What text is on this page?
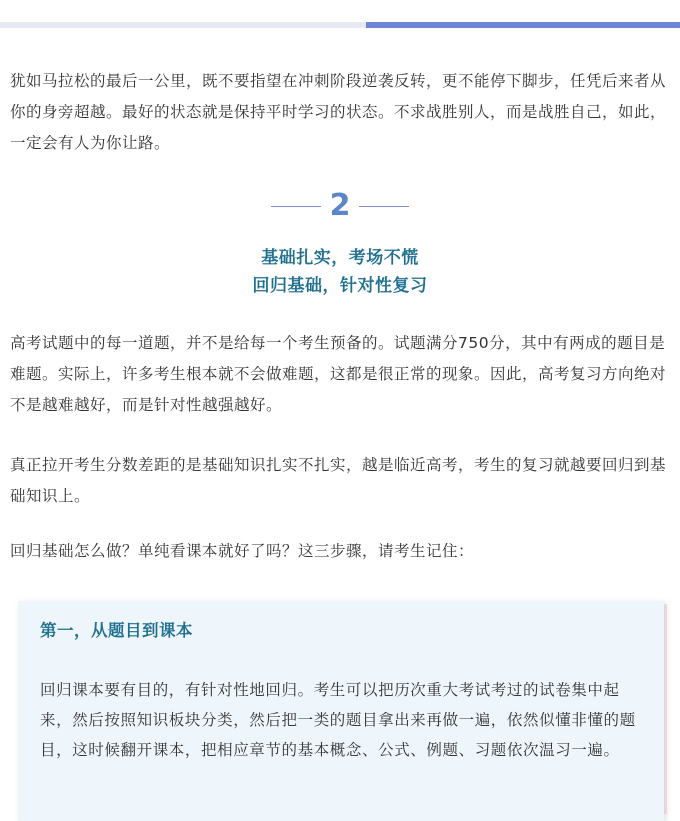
犹如马拉松的最后一公里，既不要指望在冲刺阶段逆袭反转，更不能停下脚步，任凭后来者从你的身旁超越。最好的状态就是保持平时学习的状态。不求战胜别人，而是战胜自己，如此，一定会有人为你让路。

2

基础扎实，考场不慌

回归基础，针对性复习

高考试题中的每一道题，并不是给每一个考生预备的。试题满分750分，其中有两成的题目是难题。实际上，许多考生根本就不会做难题，这都是很正常的现象。因此，高考复习方向绝对不是越难越好，而是针对性越强越好。

真正拉开考生分数差距的是基础知识扎实不扎实，越是临近高考，考生的复习就越要回归到基础知识上。

回归基础怎么做？单纯看课本就好了吗？这三步骤，请考生记住：

第一，从题目到课本

回归课本要有目的，有针对性地回归。考生可以把历次重大考试考过的试卷集中起来，然后按照知识板块分类，然后把一类的题目拿出来再做一遍，依然似懂非懂的题目，这时候翻开课本，把相应章节的基本概念、公式、例题、习题依次温习一遍。
